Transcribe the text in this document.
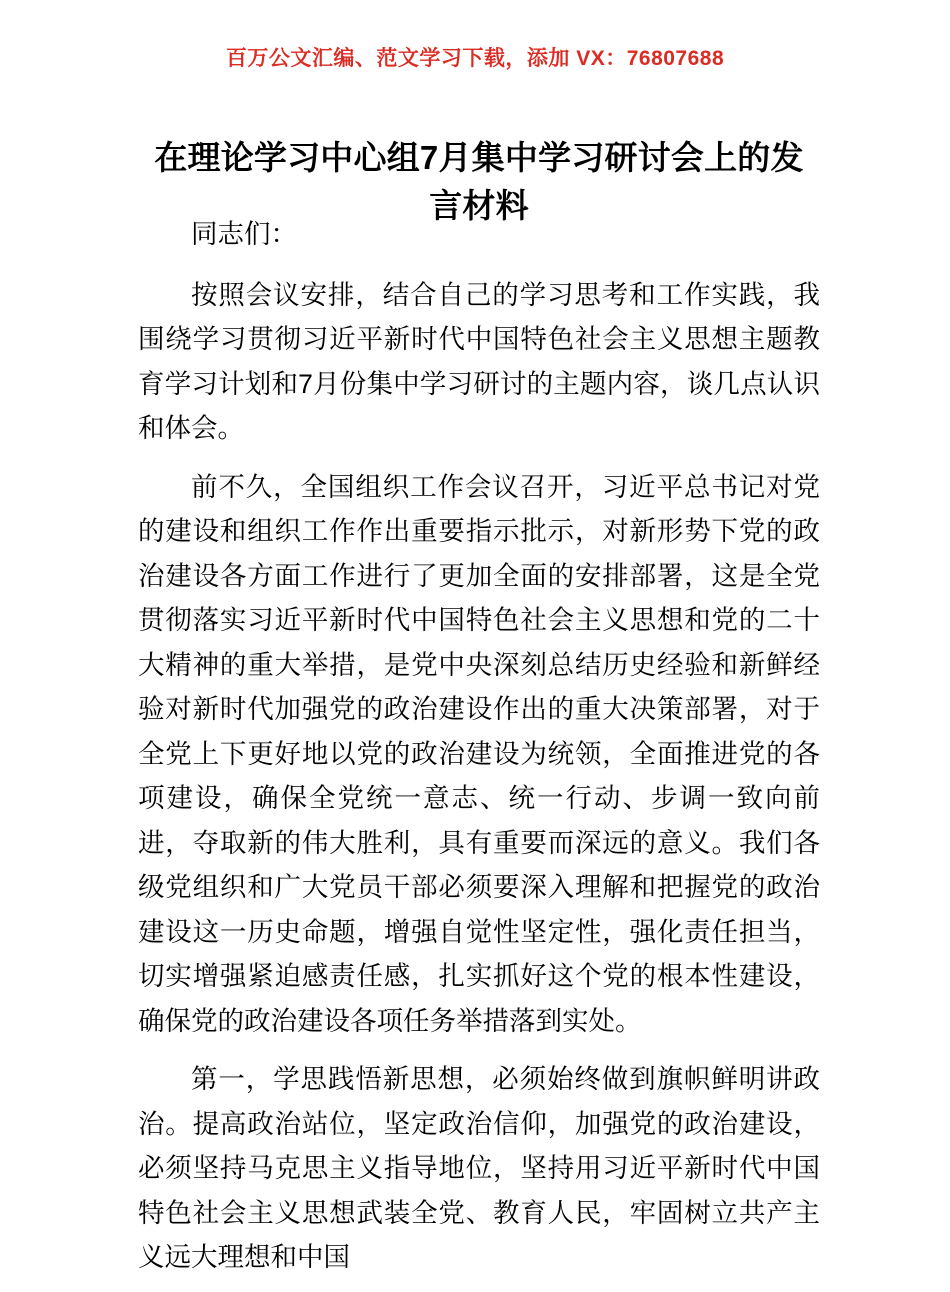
百万公文汇编、范文学习下载，添加 VX：76807688
在理论学习中心组7月集中学习研讨会上的发言材料

同志们：

按照会议安排，结合自己的学习思考和工作实践，我围绕学习贯彻习近平新时代中国特色社会主义思想主题教育学习计划和7月份集中学习研讨的主题内容，谈几点认识和体会。

前不久，全国组织工作会议召开，习近平总书记对党的建设和组织工作作出重要指示批示，对新形势下党的政治建设各方面工作进行了更加全面的安排部署，这是全党贯彻落实习近平新时代中国特色社会主义思想和党的二十大精神的重大举措，是党中央深刻总结历史经验和新鲜经验对新时代加强党的政治建设作出的重大决策部署，对于全党上下更好地以党的政治建设为统领，全面推进党的各项建设，确保全党统一意志、统一行动、步调一致向前进，夺取新的伟大胜利，具有重要而深远的意义。我们各级党组织和广大党员干部必须要深入理解和把握党的政治建设这一历史命题，增强自觉性坚定性，强化责任担当，切实增强紧迫感责任感，扎实抓好这个党的根本性建设，确保党的政治建设各项任务举措落到实处。

第一，学思践悟新思想，必须始终做到旗帜鲜明讲政治。提高政治站位，坚定政治信仰，加强党的政治建设，必须坚持马克思主义指导地位，坚持用习近平新时代中国特色社会主义思想武装全党、教育人民，牢固树立共产主义远大理想和中国
